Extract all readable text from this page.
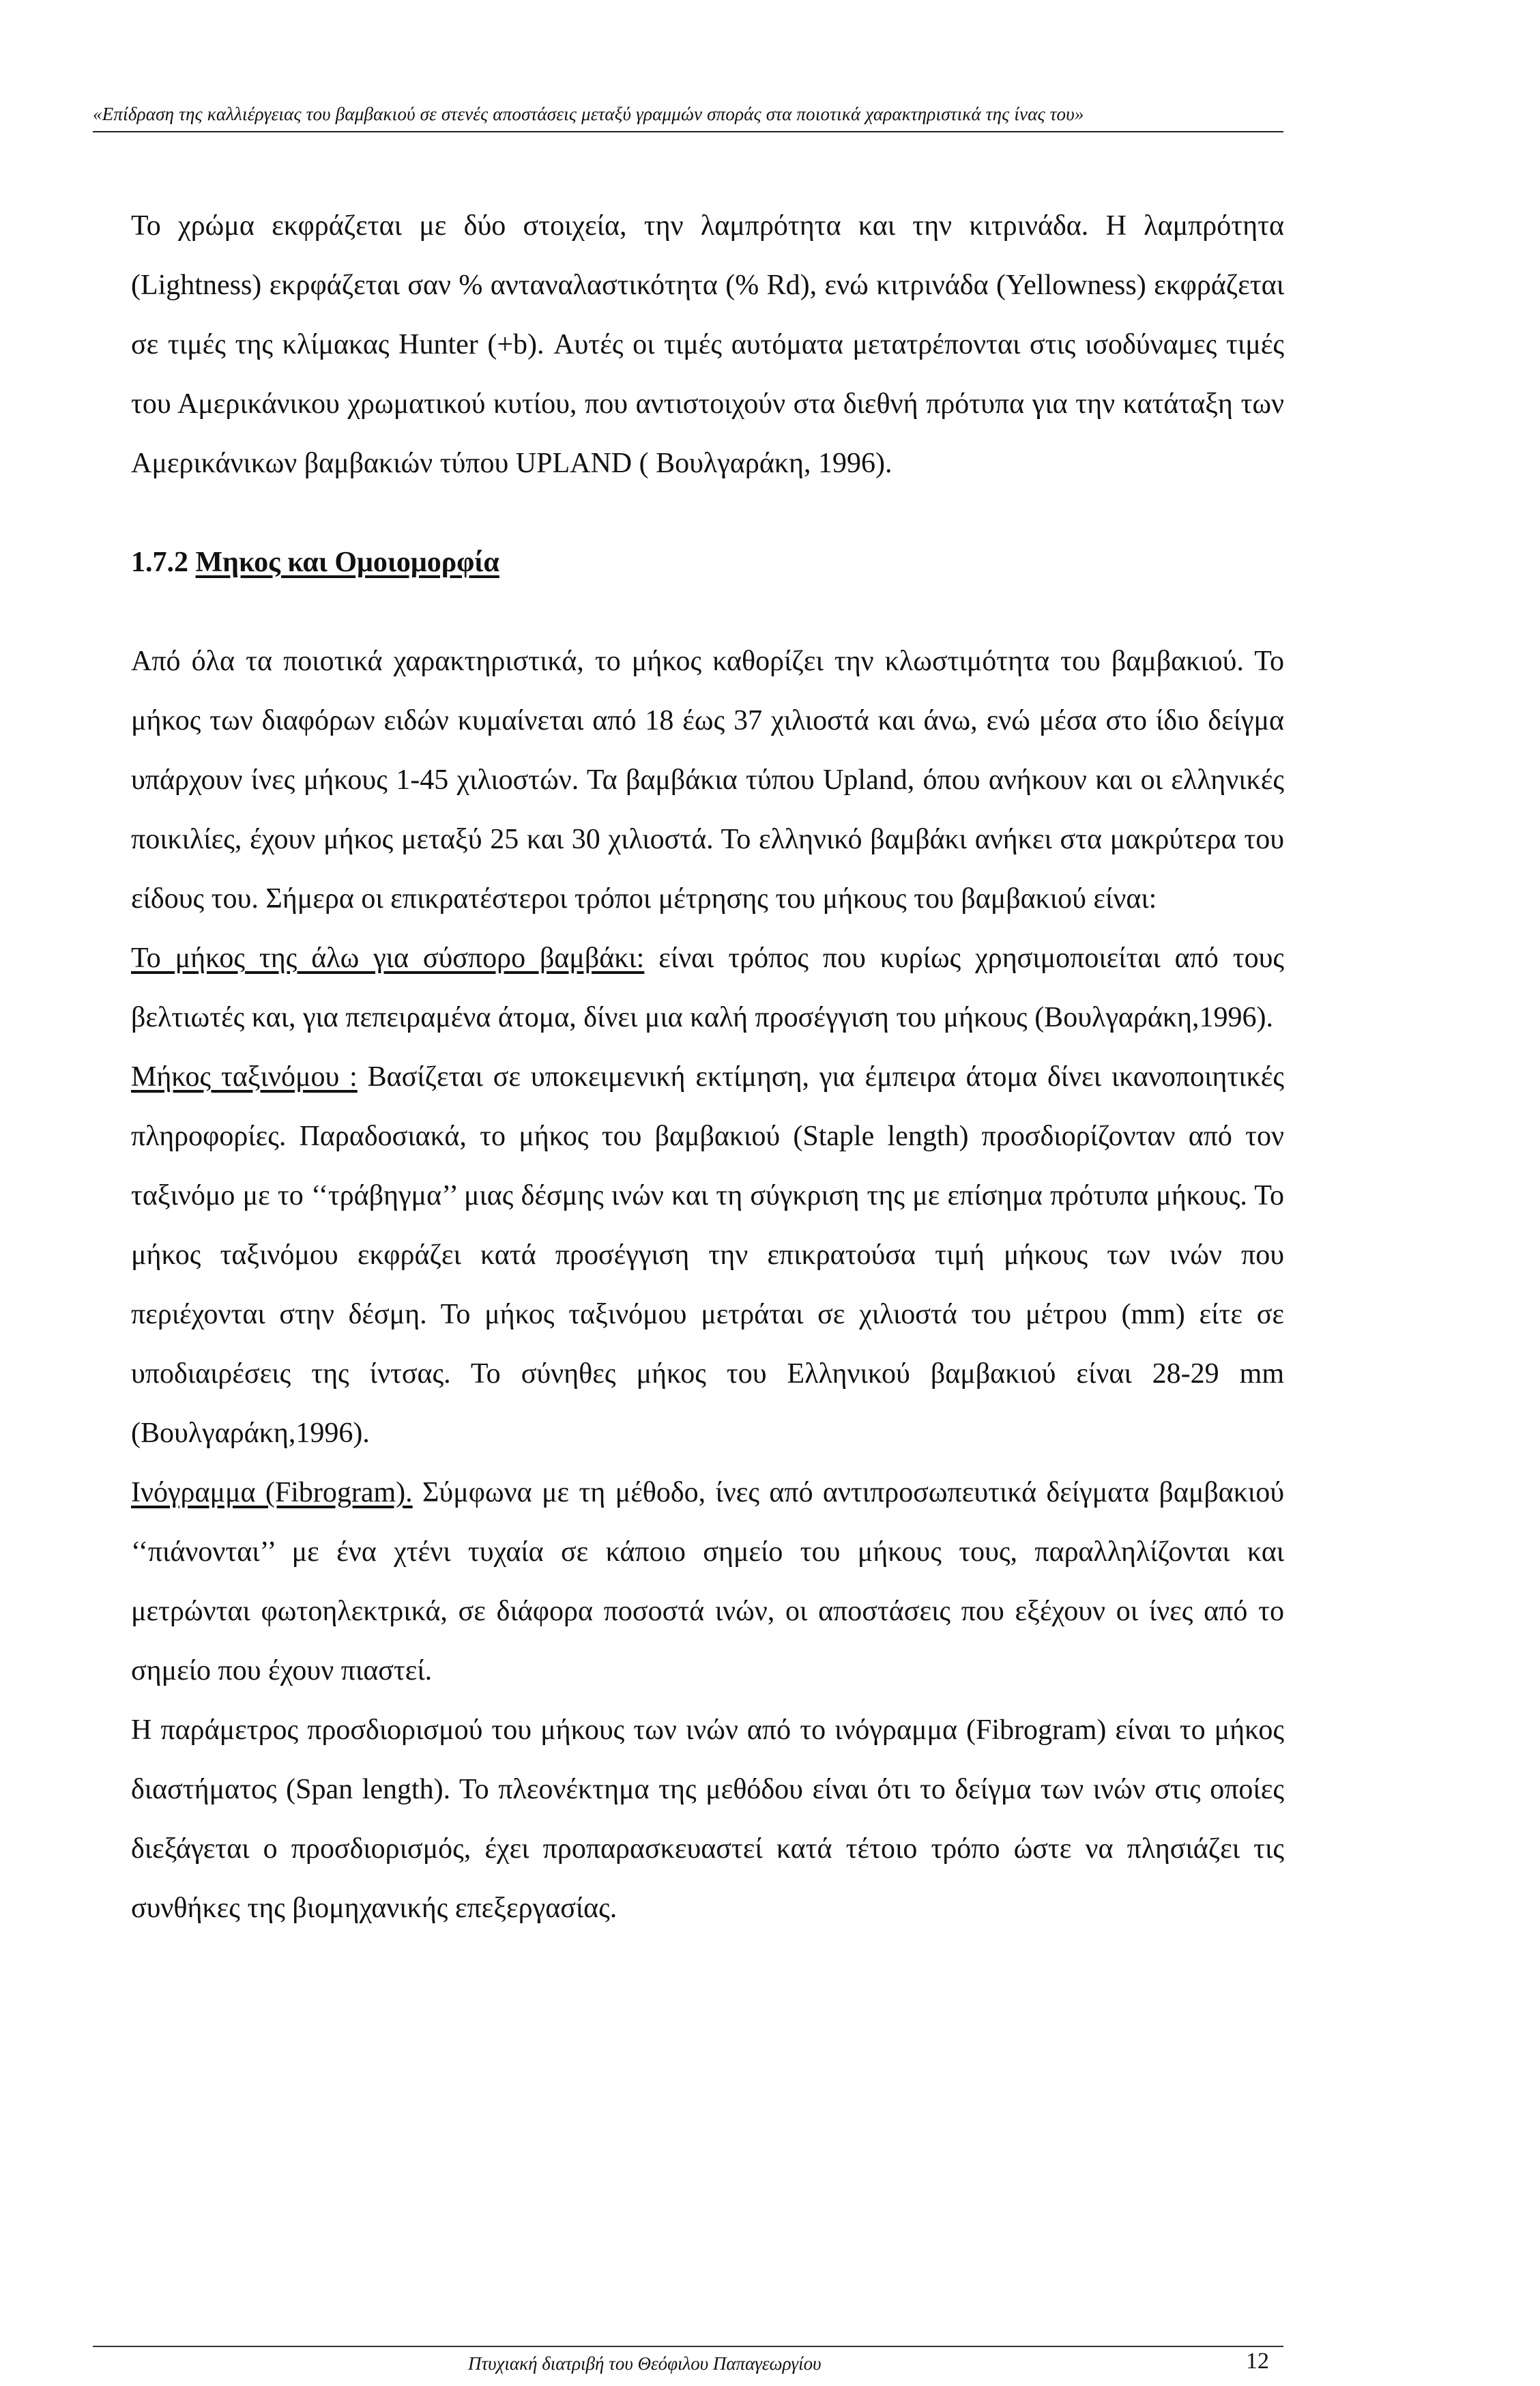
«Επίδραση της καλλιέργειας του βαμβακιού σε στενές αποστάσεις μεταξύ γραμμών σποράς στα ποιοτικά χαρακτηριστικά της ίνας του»

Το χρώμα εκφράζεται με δύο στοιχεία, την λαμπρότητα και την κιτρινάδα. Η λαμπρότητα (Lightness) εκρφάζεται σαν % ανταναλαστικότητα (% Rd), ενώ κιτρινάδα (Yellowness) εκφράζεται σε τιμές της κλίμακας Hunter (+b). Αυτές οι τιμές αυτόματα μετατρέπονται στις ισοδύναμες τιμές του Αμερικάνικου χρωματικού κυτίου, που αντιστοιχούν στα διεθνή πρότυπα για την κατάταξη των Αμερικάνικων βαμβακιών τύπου UPLAND ( Βουλγαράκη, 1996).

1.7.2 Μηκος και Ομοιομορφία

Από όλα τα ποιοτικά χαρακτηριστικά, το μήκος καθορίζει την κλωστιμότητα του βαμβακιού. Το μήκος των διαφόρων ειδών κυμαίνεται από 18 έως 37 χιλιοστά και άνω, ενώ μέσα στο ίδιο δείγμα υπάρχουν ίνες μήκους 1-45 χιλιοστών. Τα βαμβάκια τύπου Upland, όπου ανήκουν και οι ελληνικές ποικιλίες, έχουν μήκος μεταξύ 25 και 30 χιλιοστά. Το ελληνικό βαμβάκι ανήκει στα μακρύτερα του είδους του. Σήμερα οι επικρατέστεροι τρόποι μέτρησης του μήκους του βαμβακιού είναι:

Το μήκος της άλω για σύσπορο βαμβάκι: είναι τρόπος που κυρίως χρησιμοποιείται από τους βελτιωτές και, για πεπειραμένα άτομα, δίνει μια καλή προσέγγιση του μήκους (Βουλγαράκη,1996).

Μήκος ταξινόμου : Βασίζεται σε υποκειμενική εκτίμηση, για έμπειρα άτομα δίνει ικανοποιητικές πληροφορίες. Παραδοσιακά, το μήκος του βαμβακιού (Staple length) προσδιορίζονταν από τον ταξινόμο με το ‘‘τράβηγμα’’ μιας δέσμης ινών και τη σύγκριση της με επίσημα πρότυπα μήκους. Το μήκος ταξινόμου εκφράζει κατά προσέγγιση την επικρατούσα τιμή μήκους των ινών που περιέχονται στην δέσμη. Το μήκος ταξινόμου μετράται σε χιλιοστά του μέτρου (mm) είτε σε υποδιαιρέσεις της ίντσας. Το σύνηθες μήκος του Ελληνικού βαμβακιού είναι 28-29 mm (Βουλγαράκη,1996).

Ινόγραμμα (Fibrogram). Σύμφωνα με τη μέθοδο, ίνες από αντιπροσωπευτικά δείγματα βαμβακιού ‘‘πιάνονται’’ με ένα χτένι τυχαία σε κάποιο σημείο του μήκους τους, παραλληλίζονται και μετρώνται φωτοηλεκτρικά, σε διάφορα ποσοστά ινών, οι αποστάσεις που εξέχουν οι ίνες από το σημείο που έχουν πιαστεί.

Η παράμετρος προσδιορισμού του μήκους των ινών από το ινόγραμμα (Fibrogram) είναι το μήκος διαστήματος (Span length). Το πλεονέκτημα της μεθόδου είναι ότι το δείγμα των ινών στις οποίες διεξάγεται ο προσδιορισμός, έχει προπαρασκευαστεί κατά τέτοιο τρόπο ώστε να πλησιάζει τις συνθήκες της βιομηχανικής επεξεργασίας.

Πτυχιακή διατριβή του Θεόφιλου Παπαγεωργίου	12
